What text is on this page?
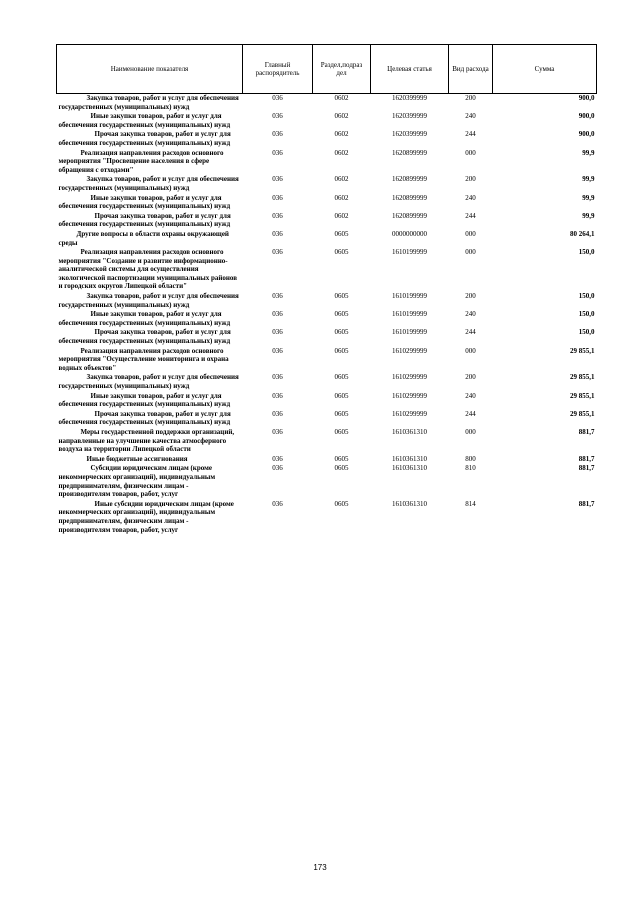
Наименование показателя	Главный распорядитель	Раздел,подраз дел	Целевая статья	Вид расхода	Сумма
Закупка товаров, работ и услуг для обеспечения государственных (муниципальных) нужд	036	0602	1620399999	200	900,0
Иные закупки товаров, работ и услуг для обеспечения государственных (муниципальных) нужд	036	0602	1620399999	240	900,0
Прочая закупка товаров, работ и услуг для обеспечения государственных (муниципальных) нужд	036	0602	1620399999	244	900,0
Реализация направления расходов основного мероприятия "Просвещение населения в сфере обращения с отходами"	036	0602	1620899999	000	99,9
Закупка товаров, работ и услуг для обеспечения государственных (муниципальных) нужд	036	0602	1620899999	200	99,9
Иные закупки товаров, работ и услуг для обеспечения государственных (муниципальных) нужд	036	0602	1620899999	240	99,9
Прочая закупка товаров, работ и услуг для обеспечения государственных (муниципальных) нужд	036	0602	1620899999	244	99,9
Другие вопросы в области охраны окружающей среды	036	0605	0000000000	000	80 264,1
Реализация направления расходов основного мероприятия "Создание и развитие информационно-аналитической системы для осуществления экологической паспортизации муниципальных районов и городских округов Липецкой области"	036	0605	1610199999	000	150,0
Закупка товаров, работ и услуг для обеспечения государственных (муниципальных) нужд	036	0605	1610199999	200	150,0
Иные закупки товаров, работ и услуг для обеспечения государственных (муниципальных) нужд	036	0605	1610199999	240	150,0
Прочая закупка товаров, работ и услуг для обеспечения государственных (муниципальных) нужд	036	0605	1610199999	244	150,0
Реализация направления расходов основного мероприятия "Осуществление мониторинга и охрана водных объектов"	036	0605	1610299999	000	29 855,1
Закупка товаров, работ и услуг для обеспечения государственных (муниципальных) нужд	036	0605	1610299999	200	29 855,1
Иные закупки товаров, работ и услуг для обеспечения государственных (муниципальных) нужд	036	0605	1610299999	240	29 855,1
Прочая закупка товаров, работ и услуг для обеспечения государственных (муниципальных) нужд	036	0605	1610299999	244	29 855,1
Меры государственной поддержки организаций, направленные на улучшение качества атмосферного воздуха на территории Липецкой области	036	0605	1610361310	000	881,7
Иные бюджетные ассигнования	036	0605	1610361310	800	881,7
Субсидии юридическим лицам (кроме некоммерческих организаций), индивидуальным предпринимателям, физическим лицам - производителям товаров, работ, услуг	036	0605	1610361310	810	881,7
Иные субсидии юридическим лицам (кроме некоммерческих организаций), индивидуальным предпринимателям, физическим лицам - производителям товаров, работ, услуг	036	0605	1610361310	814	881,7
173
